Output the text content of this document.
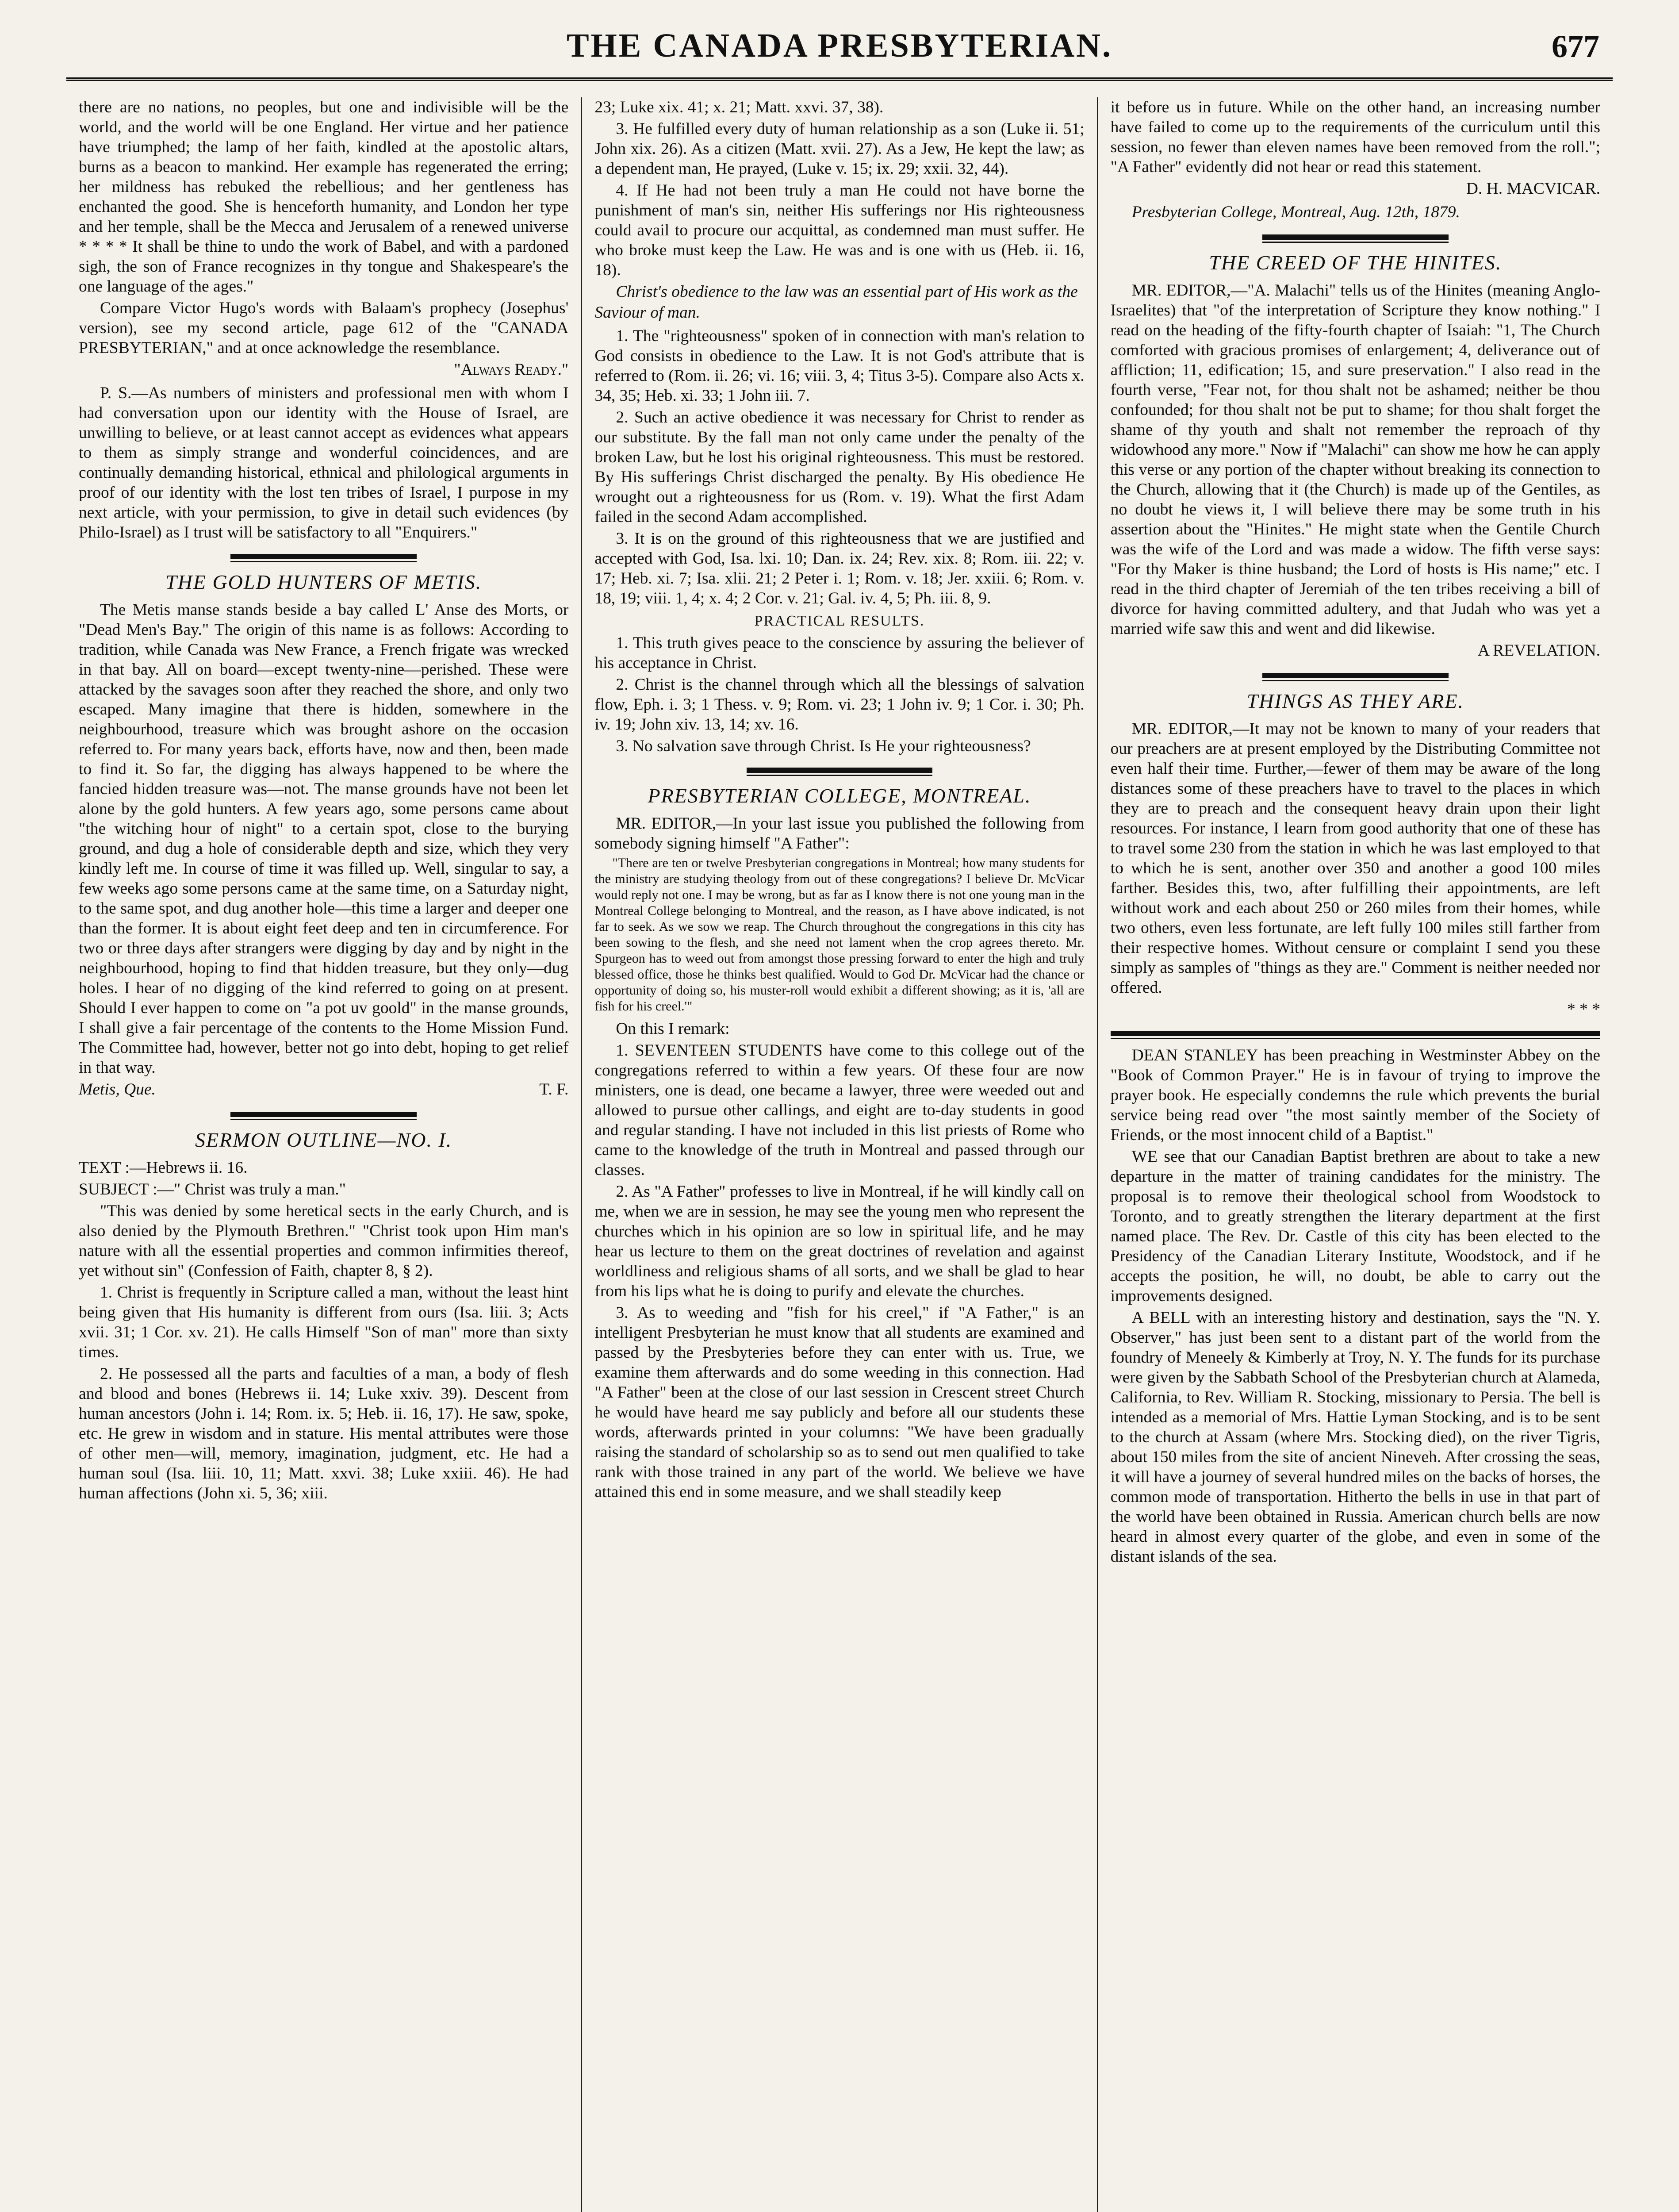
THE CANADA PRESBYTERIAN.	677

there are no nations, no peoples, but one and indivisible will be the world, and the world will be one England. Her virtue and her patience have triumphed; the lamp of her faith, kindled at the apostolic altars, burns as a beacon to mankind. Her example has regenerated the erring; her mildness has rebuked the rebellious; and her gentleness has enchanted the good. She is henceforth humanity, and London her type and her temple, shall be the Mecca and Jerusalem of a renewed universe * * * * It shall be thine to undo the work of Babel, and with a pardoned sigh, the son of France recognizes in thy tongue and Shakespeare's the one language of the ages."

Compare Victor Hugo's words with Balaam's prophecy (Josephus' version), see my second article, page 612 of the "CANADA PRESBYTERIAN," and at once acknowledge the resemblance.

"Always Ready."

P. S.—As numbers of ministers and professional men with whom I had conversation upon our identity with the House of Israel, are unwilling to believe, or at least cannot accept as evidences what appears to them as simply strange and wonderful coincidences, and are continually demanding historical, ethnical and philological arguments in proof of our identity with the lost ten tribes of Israel, I purpose in my next article, with your permission, to give in detail such evidences (by Philo-Israel) as I trust will be satisfactory to all "Enquirers."

THE GOLD HUNTERS OF METIS.

The Metis manse stands beside a bay called L' Anse des Morts, or "Dead Men's Bay." The origin of this name is as follows: According to tradition, while Canada was New France, a French frigate was wrecked in that bay. All on board—except twenty-nine—perished. These were attacked by the savages soon after they reached the shore, and only two escaped. Many imagine that there is hidden, somewhere in the neighbourhood, treasure which was brought ashore on the occasion referred to. For many years back, efforts have, now and then, been made to find it. So far, the digging has always happened to be where the fancied hidden treasure was—not. The manse grounds have not been let alone by the gold hunters. A few years ago, some persons came about "the witching hour of night" to a certain spot, close to the burying ground, and dug a hole of considerable depth and size, which they very kindly left me. In course of time it was filled up. Well, singular to say, a few weeks ago some persons came at the same time, on a Saturday night, to the same spot, and dug another hole—this time a larger and deeper one than the former. It is about eight feet deep and ten in circumference. For two or three days after strangers were digging by day and by night in the neighbourhood, hoping to find that hidden treasure, but they only—dug holes. I hear of no digging of the kind referred to going on at present. Should I ever happen to come on "a pot uv goold" in the manse grounds, I shall give a fair percentage of the contents to the Home Mission Fund. The Committee had, however, better not go into debt, hoping to get relief in that way.

Metis, Que.	T. F.
SERMON OUTLINE—NO. I.

TEXT :—Hebrews ii. 16.

SUBJECT :—" Christ was truly a man."

"This was denied by some heretical sects in the early Church, and is also denied by the Plymouth Brethren." "Christ took upon Him man's nature with all the essential properties and common infirmities thereof, yet without sin" (Confession of Faith, chapter 8, § 2).

1. Christ is frequently in Scripture called a man, without the least hint being given that His humanity is different from ours (Isa. liii. 3; Acts xvii. 31; 1 Cor. xv. 21). He calls Himself "Son of man" more than sixty times.

2. He possessed all the parts and faculties of a man, a body of flesh and blood and bones (Hebrews ii. 14; Luke xxiv. 39). Descent from human ancestors (John i. 14; Rom. ix. 5; Heb. ii. 16, 17). He saw, spoke, etc. He grew in wisdom and in stature. His mental attributes were those of other men—will, memory, imagination, judgment, etc. He had a human soul (Isa. liii. 10, 11; Matt. xxvi. 38; Luke xxiii. 46). He had human affections (John xi. 5, 36; xiii.

23; Luke xix. 41; x. 21; Matt. xxvi. 37, 38).

3. He fulfilled every duty of human relationship as a son (Luke ii. 51; John xix. 26). As a citizen (Matt. xvii. 27). As a Jew, He kept the law; as a dependent man, He prayed, (Luke v. 15; ix. 29; xxii. 32, 44).

4. If He had not been truly a man He could not have borne the punishment of man's sin, neither His sufferings nor His righteousness could avail to procure our acquittal, as condemned man must suffer. He who broke must keep the Law. He was and is one with us (Heb. ii. 16, 18).

Christ's obedience to the law was an essential part of His work as the Saviour of man.

1. The "righteousness" spoken of in connection with man's relation to God consists in obedience to the Law. It is not God's attribute that is referred to (Rom. ii. 26; vi. 16; viii. 3, 4; Titus 3-5). Compare also Acts x. 34, 35; Heb. xi. 33; 1 John iii. 7.

2. Such an active obedience it was necessary for Christ to render as our substitute. By the fall man not only came under the penalty of the broken Law, but he lost his original righteousness. This must be restored. By His sufferings Christ discharged the penalty. By His obedience He wrought out a righteousness for us (Rom. v. 19). What the first Adam failed in the second Adam accomplished.

3. It is on the ground of this righteousness that we are justified and accepted with God, Isa. lxi. 10; Dan. ix. 24; Rev. xix. 8; Rom. iii. 22; v. 17; Heb. xi. 7; Isa. xlii. 21; 2 Peter i. 1; Rom. v. 18; Jer. xxiii. 6; Rom. v. 18, 19; viii. 1, 4; x. 4; 2 Cor. v. 21; Gal. iv. 4, 5; Ph. iii. 8, 9.

PRACTICAL RESULTS.

1. This truth gives peace to the conscience by assuring the believer of his acceptance in Christ.

2. Christ is the channel through which all the blessings of salvation flow, Eph. i. 3; 1 Thess. v. 9; Rom. vi. 23; 1 John iv. 9; 1 Cor. i. 30; Ph. iv. 19; John xiv. 13, 14; xv. 16.

3. No salvation save through Christ. Is He your righteousness?

PRESBYTERIAN COLLEGE, MONTREAL.

MR. EDITOR,—In your last issue you published the following from somebody signing himself "A Father":

"There are ten or twelve Presbyterian congregations in Montreal; how many students for the ministry are studying theology from out of these congregations? I believe Dr. McVicar would reply not one. I may be wrong, but as far as I know there is not one young man in the Montreal College belonging to Montreal, and the reason, as I have above indicated, is not far to seek. As we sow we reap. The Church throughout the congregations in this city has been sowing to the flesh, and she need not lament when the crop agrees thereto. Mr. Spurgeon has to weed out from amongst those pressing forward to enter the high and truly blessed office, those he thinks best qualified. Would to God Dr. McVicar had the chance or opportunity of doing so, his muster-roll would exhibit a different showing; as it is, 'all are fish for his creel.'"

On this I remark:

1. SEVENTEEN STUDENTS have come to this college out of the congregations referred to within a few years. Of these four are now ministers, one is dead, one became a lawyer, three were weeded out and allowed to pursue other callings, and eight are to-day students in good and regular standing. I have not included in this list priests of Rome who came to the knowledge of the truth in Montreal and passed through our classes.

2. As "A Father" professes to live in Montreal, if he will kindly call on me, when we are in session, he may see the young men who represent the churches which in his opinion are so low in spiritual life, and he may hear us lecture to them on the great doctrines of revelation and against worldliness and religious shams of all sorts, and we shall be glad to hear from his lips what he is doing to purify and elevate the churches.

3. As to weeding and "fish for his creel," if "A Father," is an intelligent Presbyterian he must know that all students are examined and passed by the Presbyteries before they can enter with us. True, we examine them afterwards and do some weeding in this connection. Had "A Father" been at the close of our last session in Crescent street Church he would have heard me say publicly and before all our students these words, afterwards printed in your columns: "We have been gradually raising the standard of scholarship so as to send out men qualified to take rank with those trained in any part of the world. We believe we have attained this end in some measure, and we shall steadily keep

it before us in future. While on the other hand, an increasing number have failed to come up to the requirements of the curriculum until this session, no fewer than eleven names have been removed from the roll."; "A Father" evidently did not hear or read this statement.

D. H. MACVICAR.
Presbyterian College, Montreal, Aug. 12th, 1879.
THE CREED OF THE HINITES.

MR. EDITOR,—"A. Malachi" tells us of the Hinites (meaning Anglo-Israelites) that "of the interpretation of Scripture they know nothing." I read on the heading of the fifty-fourth chapter of Isaiah: "1, The Church comforted with gracious promises of enlargement; 4, deliverance out of affliction; 11, edification; 15, and sure preservation." I also read in the fourth verse, "Fear not, for thou shalt not be ashamed; neither be thou confounded; for thou shalt not be put to shame; for thou shalt forget the shame of thy youth and shalt not remember the reproach of thy widowhood any more." Now if "Malachi" can show me how he can apply this verse or any portion of the chapter without breaking its connection to the Church, allowing that it (the Church) is made up of the Gentiles, as no doubt he views it, I will believe there may be some truth in his assertion about the "Hinites." He might state when the Gentile Church was the wife of the Lord and was made a widow. The fifth verse says: "For thy Maker is thine husband; the Lord of hosts is His name;" etc. I read in the third chapter of Jeremiah of the ten tribes receiving a bill of divorce for having committed adultery, and that Judah who was yet a married wife saw this and went and did likewise.

A REVELATION.
THINGS AS THEY ARE.

MR. EDITOR,—It may not be known to many of your readers that our preachers are at present employed by the Distributing Committee not even half their time. Further,—fewer of them may be aware of the long distances some of these preachers have to travel to the places in which they are to preach and the consequent heavy drain upon their light resources. For instance, I learn from good authority that one of these has to travel some 230 from the station in which he was last employed to that to which he is sent, another over 350 and another a good 100 miles farther. Besides this, two, after fulfilling their appointments, are left without work and each about 250 or 260 miles from their homes, while two others, even less fortunate, are left fully 100 miles still farther from their respective homes. Without censure or complaint I send you these simply as samples of "things as they are." Comment is neither needed nor offered.

* * *

DEAN STANLEY has been preaching in Westminster Abbey on the "Book of Common Prayer." He is in favour of trying to improve the prayer book. He especially condemns the rule which prevents the burial service being read over "the most saintly member of the Society of Friends, or the most innocent child of a Baptist."

WE see that our Canadian Baptist brethren are about to take a new departure in the matter of training candidates for the ministry. The proposal is to remove their theological school from Woodstock to Toronto, and to greatly strengthen the literary department at the first named place. The Rev. Dr. Castle of this city has been elected to the Presidency of the Canadian Literary Institute, Woodstock, and if he accepts the position, he will, no doubt, be able to carry out the improvements designed.

A BELL with an interesting history and destination, says the "N. Y. Observer," has just been sent to a distant part of the world from the foundry of Meneely & Kimberly at Troy, N. Y. The funds for its purchase were given by the Sabbath School of the Presbyterian church at Alameda, California, to Rev. William R. Stocking, missionary to Persia. The bell is intended as a memorial of Mrs. Hattie Lyman Stocking, and is to be sent to the church at Assam (where Mrs. Stocking died), on the river Tigris, about 150 miles from the site of ancient Nineveh. After crossing the seas, it will have a journey of several hundred miles on the backs of horses, the common mode of transportation. Hitherto the bells in use in that part of the world have been obtained in Russia. American church bells are now heard in almost every quarter of the globe, and even in some of the distant islands of the sea.
